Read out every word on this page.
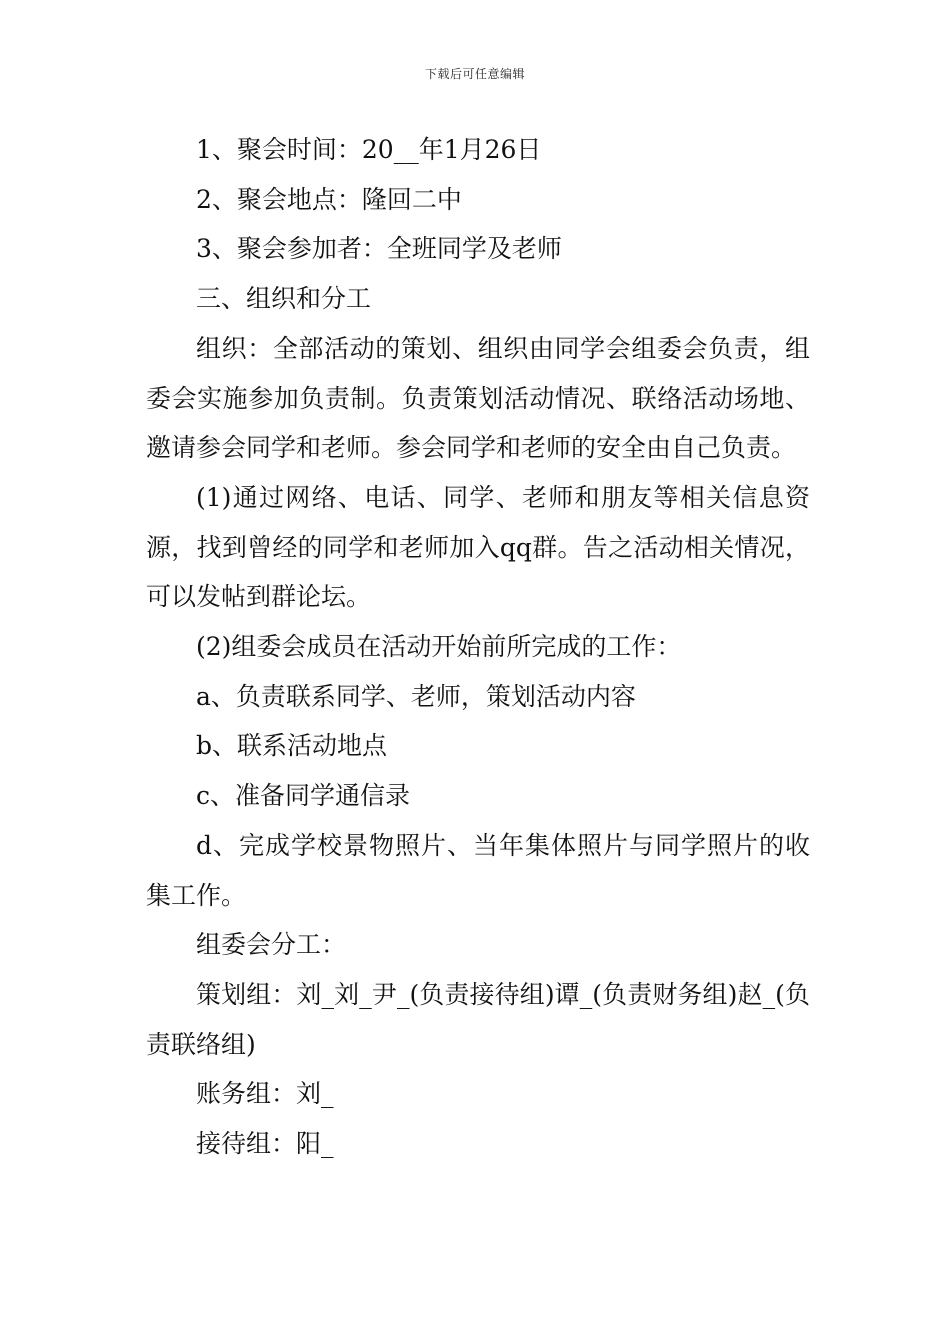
下载后可任意编辑

1、聚会时间：20__年1月26日

2、聚会地点：隆回二中

3、聚会参加者：全班同学及老师

三、组织和分工

组织：全部活动的策划、组织由同学会组委会负责，组委会实施参加负责制。负责策划活动情况、联络活动场地、邀请参会同学和老师。参会同学和老师的安全由自己负责。

(1)通过网络、电话、同学、老师和朋友等相关信息资源，找到曾经的同学和老师加入qq群。告之活动相关情况，可以发帖到群论坛。

(2)组委会成员在活动开始前所完成的工作：

a、负责联系同学、老师，策划活动内容

b、联系活动地点

c、准备同学通信录

d、完成学校景物照片、当年集体照片与同学照片的收集工作。

组委会分工：

策划组：刘_刘_尹_(负责接待组)谭_(负责财务组)赵_(负责联络组)

账务组：刘_

接待组：阳_
